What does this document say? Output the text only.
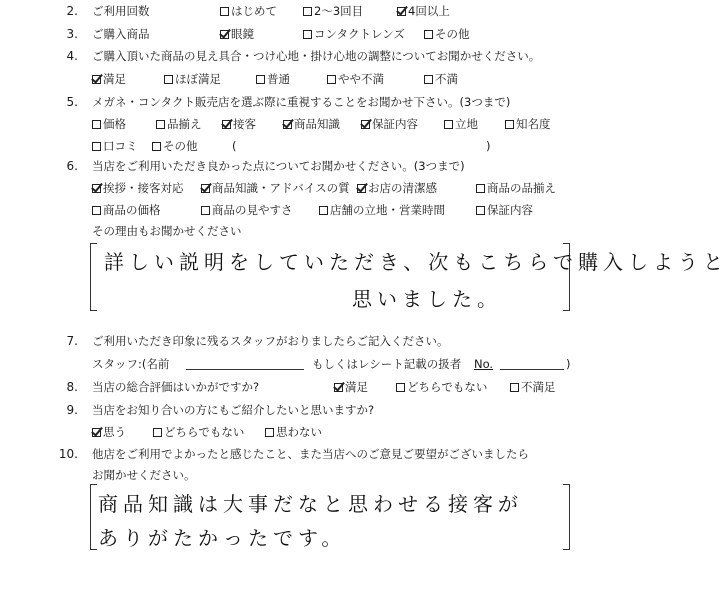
2. ご利用回数	はじめて	2～3回目	4回以上
3. ご購入商品	眼鏡	コンタクトレンズ	その他
4. ご購入頂いた商品の見え具合・つけ心地・掛け心地の調整についてお聞かせください。
満足	ほぼ満足	普通	やや不満	不満
5. メガネ・コンタクト販売店を選ぶ際に重視することをお聞かせ下さい。(3つまで)
価格	品揃え	接客	商品知識	保証内容	立地	知名度
口コミ	その他	(	)
6. 当店をご利用いただき良かった点についてお聞かせください。(3つまで)
挨拶・接客対応	商品知識・アドバイスの質	お店の清潔感	商品の品揃え
商品の価格	商品の見やすさ	店舗の立地・営業時間	保証内容
その理由もお聞かせください
詳しい説明をしていただき、次もこちらで購入しようと
思いました。
7. ご利用いただき印象に残るスタッフがおりましたらご記入ください。
スタッフ:(名前	もしくはレシート記載の扱者 No.	)
8. 当店の総合評価はいかがですか?	満足	どちらでもない	不満足
9. 当店をお知り合いの方にもご紹介したいと思いますか?
思う	どちらでもない	思わない
10. 他店をご利用でよかったと感じたこと、また当店へのご意見ご要望がございましたら
お聞かせください。
商品知識は大事だなと思わせる接客が
ありがたかったです。
